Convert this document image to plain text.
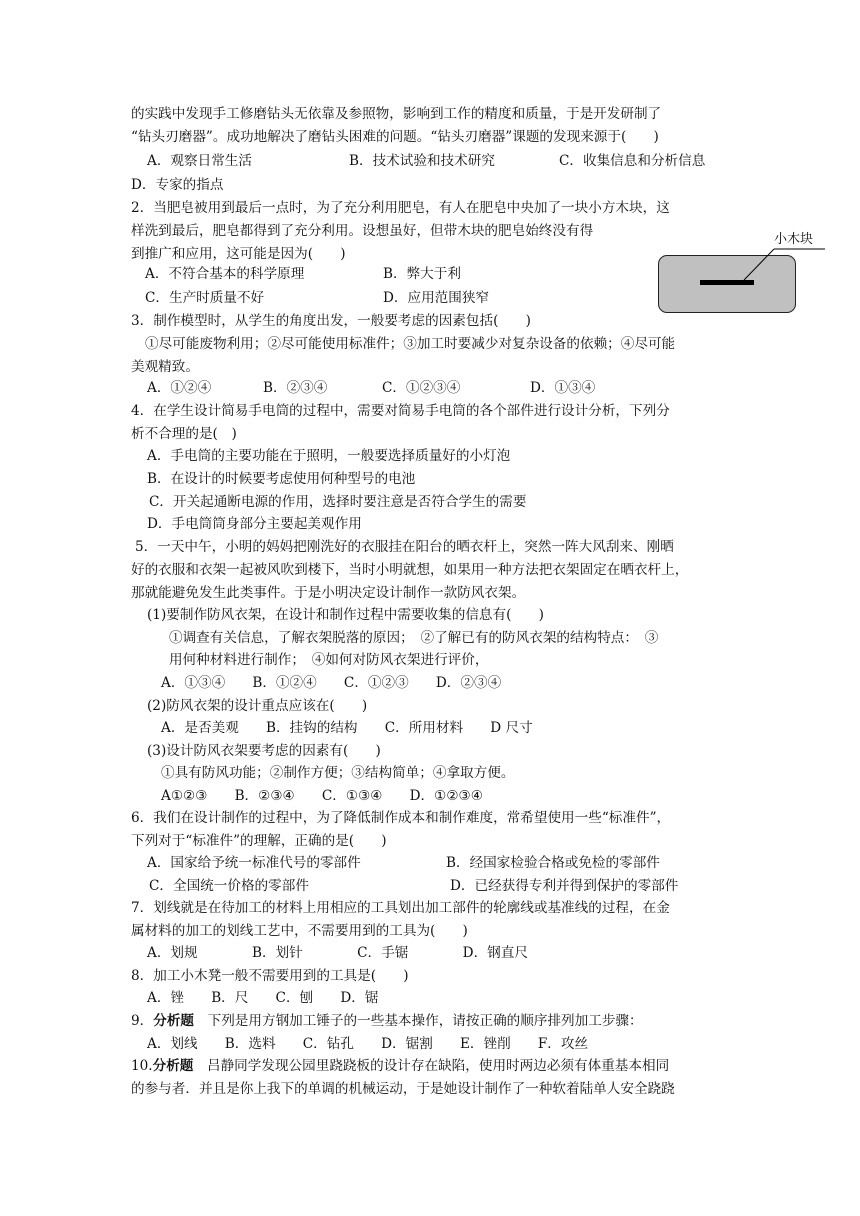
的实践中发现手工修磨钻头无依靠及参照物，影响到工作的精度和质量，于是开发研制了
“钻头刃磨器”。成功地解决了磨钻头困难的问题。“钻头刃磨器”课题的发现来源于(　　)
A．观察日常生活	B．技术试验和技术研究	C．收集信息和分析信息
D．专家的指点
2．当肥皂被用到最后一点时，为了充分利用肥皂，有人在肥皂中央加了一块小方木块，这
样洗到最后，肥皂都得到了充分利用。设想虽好，但带木块的肥皂始终没有得
到推广和应用，这可能是因为(　　)
A．不符合基本的科学原理	B．弊大于利
C．生产时质量不好	D．应用范围狭窄
小木块
3．制作模型时，从学生的角度出发，一般要考虑的因素包括(　　)
①尽可能废物利用；②尽可能使用标准件；③加工时要减少对复杂设备的依赖；④尽可能
美观精致。
A．①②④	B．②③④	C．①②③④	D．①③④
4．在学生设计简易手电筒的过程中，需要对简易手电筒的各个部件进行设计分析，下列分
析不合理的是(　)
A．手电筒的主要功能在于照明，一般要选择质量好的小灯泡
B．在设计的时候要考虑使用何种型号的电池
C．开关起通断电源的作用，选择时要注意是否符合学生的需要
D．手电筒筒身部分主要起美观作用
5．一天中午，小明的妈妈把刚洗好的衣服挂在阳台的晒衣杆上，突然一阵大风刮来、刚晒
好的衣服和衣架一起被风吹到楼下，当时小明就想，如果用一种方法把衣架固定在晒衣杆上，
那就能避免发生此类事件。于是小明决定设计制作一款防风衣架。
(1)要制作防风衣架，在设计和制作过程中需要收集的信息有(　　)
①调查有关信息，了解衣架脱落的原因；　②了解已有的防风衣架的结构特点：　③
用何种材料进行制作；　④如何对防风衣架进行评价，
A．①③④　　B．①②④　　C．①②③　　D．②③④
(2)防风衣架的设计重点应该在(　　)
A．是否美观　　B．挂钩的结构　　C．所用材料　　D 尺寸
(3)设计防风衣架要考虑的因素有(　　)
①具有防风功能；②制作方便；③结构简单；④拿取方便。
A①②③　　B．②③④　　C．①③④　　D．①②③④
6．我们在设计制作的过程中，为了降低制作成本和制作难度，常希望使用一些“标准件”，
下列对于“标准件”的理解，正确的是(　　)
A．国家给予统一标准代号的零部件	B．经国家检验合格或免检的零部件
C．全国统一价格的零部件	D．已经获得专利并得到保护的零部件
7．划线就是在待加工的材料上用相应的工具划出加工部件的轮廓线或基准线的过程，在金
属材料的加工的划线工艺中，不需要用到的工具为(　　)
A．划规　　　　B．划针　　　　C．手锯　　　　D．钢直尺
8．加工小木凳一般不需要用到的工具是(　　)
A．锉　　B．尺　　C．刨　　D．锯
9．分析题　下列是用方钢加工锤子的一些基本操作，请按正确的顺序排列加工步骤：
A．划线　　B．选料　　C．钻孔　　D．锯割　　E．锉削　　F．攻丝
10.分析题　吕静同学发现公园里跷跷板的设计存在缺陷，使用时两边必须有体重基本相同
的参与者．并且是你上我下的单调的机械运动，于是她设计制作了一种软着陆单人安全跷跷
